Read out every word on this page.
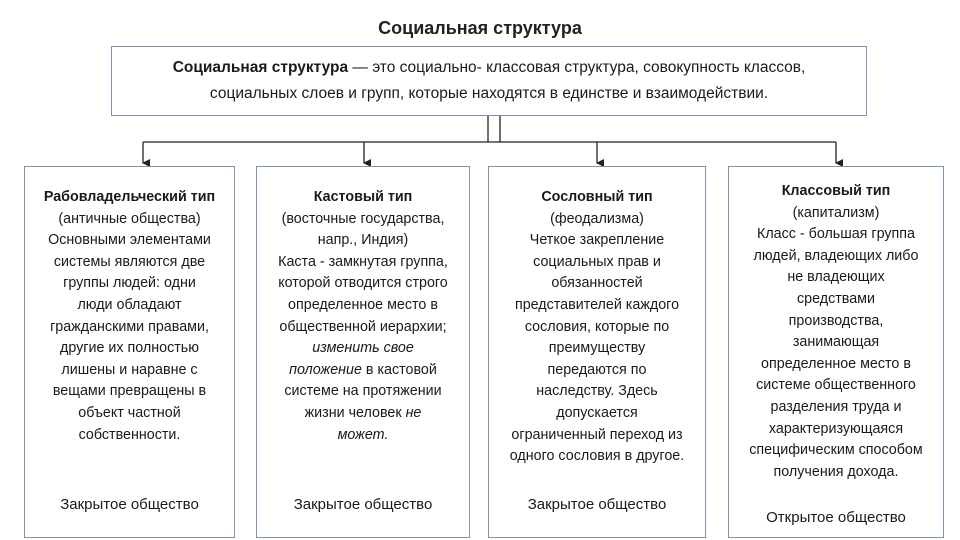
Социальная структура
Социальная структура — это социально- классовая структура, совокупность классов,
социальных слоев и групп, которые находятся в единстве и взаимодействии.
Рабовладельческий тип
(античные общества)
Основными элементами
системы являются две
группы людей: одни
люди обладают
гражданскими правами,
другие их полностью
лишены и наравне с
вещами превращены в
объект частной
собственности.
Закрытое общество
Кастовый тип
(восточные государства,
напр., Индия)
Каста - замкнутая группа,
которой отводится строго
определенное место в
общественной иерархии;
изменить свое
положение в кастовой
системе на протяжении
жизни человек не
может.
Закрытое общество
Сословный тип
(феодализма)
Четкое закрепление
социальных прав и
обязанностей
представителей каждого
сословия, которые по
преимуществу
передаются по
наследству. Здесь
допускается
ограниченный переход из
одного сословия в другое.
Закрытое общество
Классовый тип
(капитализм)
Класс - большая группа
людей, владеющих либо
не владеющих
средствами
производства,
занимающая
определенное место в
системе общественного
разделения труда и
характеризующаяся
специфическим способом
получения дохода.
Открытое общество
